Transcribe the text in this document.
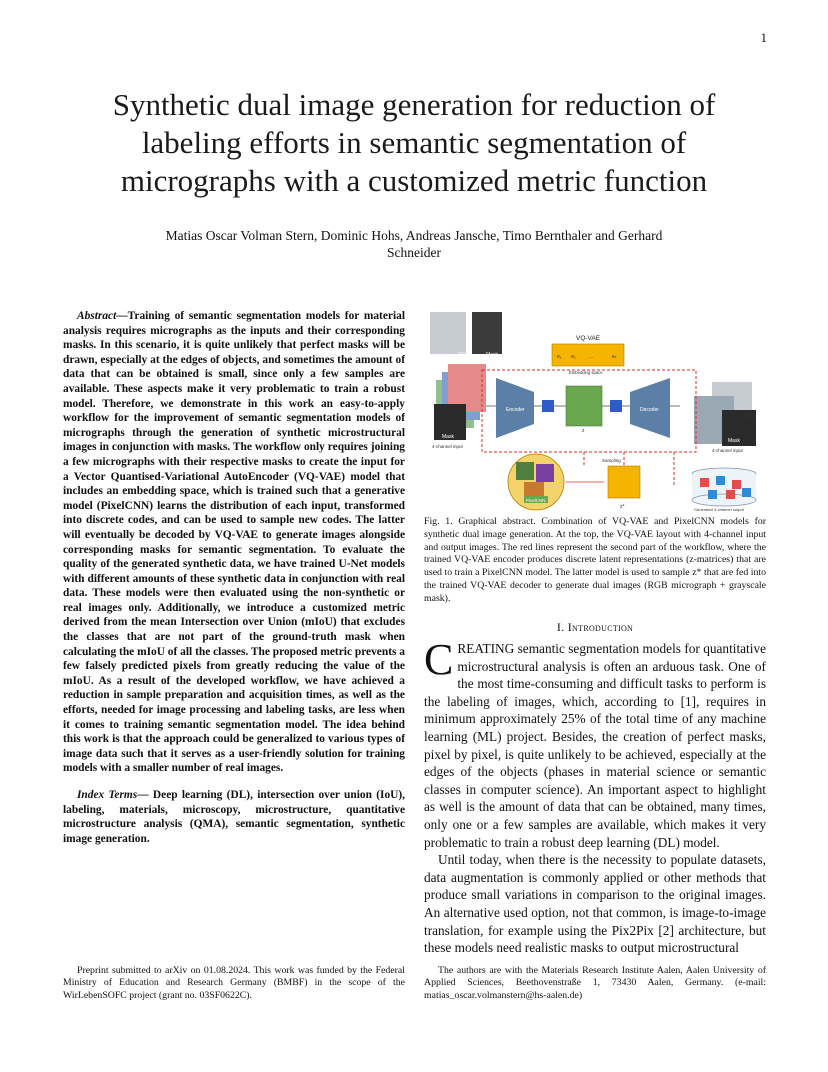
1
Synthetic dual image generation for reduction of labeling efforts in semantic segmentation of micrographs with a customized metric function
Matias Oscar Volman Stern, Dominic Hohs, Andreas Jansche, Timo Bernthaler and Gerhard
Schneider

Abstract—Training of semantic segmentation models for material analysis requires micrographs as the inputs and their corresponding masks. In this scenario, it is quite unlikely that perfect masks will be drawn, especially at the edges of objects, and sometimes the amount of data that can be obtained is small, since only a few samples are available. These aspects make it very problematic to train a robust model. Therefore, we demonstrate in this work an easy-to-apply workflow for the improvement of semantic segmentation models of micrographs through the generation of synthetic microstructural images in conjunction with masks. The workflow only requires joining a few micrographs with their respective masks to create the input for a Vector Quantised-Variational AutoEncoder (VQ-VAE) model that includes an embedding space, which is trained such that a generative model (PixelCNN) learns the distribution of each input, transformed into discrete codes, and can be used to sample new codes. The latter will eventually be decoded by VQ-VAE to generate images alongside corresponding masks for semantic segmentation. To evaluate the quality of the generated synthetic data, we have trained U-Net models with different amounts of these synthetic data in conjunction with real data. These models were then evaluated using the non-synthetic or real images only. Additionally, we introduce a customized metric derived from the mean Intersection over Union (mIoU) that excludes the classes that are not part of the ground-truth mask when calculating the mIoU of all the classes. The proposed metric prevents a few falsely predicted pixels from greatly reducing the value of the mIoU. As a result of the developed workflow, we have achieved a reduction in sample preparation and acquisition times, as well as the efforts, needed for image processing and labeling tasks, are less when it comes to training semantic segmentation model. The idea behind this work is that the approach could be generalized to various types of image data such that it serves as a user-friendly solution for training models with a smaller number of real images.

Index Terms— Deep learning (DL), intersection over union (IoU), labeling, materials, microscopy, microstructure, quantitative microstructure analysis (QMA), semantic segmentation, synthetic image generation.

Preprint submitted to arXiv on 01.08.2024. This work was funded by the Federal Ministry of Education and Research Germany (BMBF) in the scope of the WirLebenSOFC project (grant no. 03SF0622C).
RGB	Mask
Mask
4-channel input
VQ-VAE
e₁ e₂	...	eₖ
Embedding space
Encoder
z
Decoder
RGB
Mask
4-channel input
PixelCNN
Sampling
z*	Generated 4-channel output
Fig. 1. Graphical abstract. Combination of VQ-VAE and PixelCNN models for synthetic dual image generation. At the top, the VQ-VAE layout with 4-channel input and output images. The red lines represent the second part of the workflow, where the trained VQ-VAE encoder produces discrete latent representations (z-matrices) that are used to train a PixelCNN model. The latter model is used to sample z* that are fed into the trained VQ-VAE decoder to generate dual images (RGB micrograph + grayscale mask).
I. Introduction

CREATING semantic segmentation models for quantitative microstructural analysis is often an arduous task. One of the most time-consuming and difficult tasks to perform is the labeling of images, which, according to [1], requires in minimum approximately 25% of the total time of any machine learning (ML) project. Besides, the creation of perfect masks, pixel by pixel, is quite unlikely to be achieved, especially at the edges of the objects (phases in material science or semantic classes in computer science). An important aspect to highlight as well is the amount of data that can be obtained, many times, only one or a few samples are available, which makes it very problematic to train a robust deep learning (DL) model.

Until today, when there is the necessity to populate datasets, data augmentation is commonly applied or other methods that produce small variations in comparison to the original images. An alternative used option, not that common, is image-to-image translation, for example using the Pix2Pix [2] architecture, but these models need realistic masks to output microstructural

The authors are with the Materials Research Institute Aalen, Aalen University of Applied Sciences, Beethovenstraße 1, 73430 Aalen, Germany. (e-mail: matias_oscar.volmanstern@hs-aalen.de)
